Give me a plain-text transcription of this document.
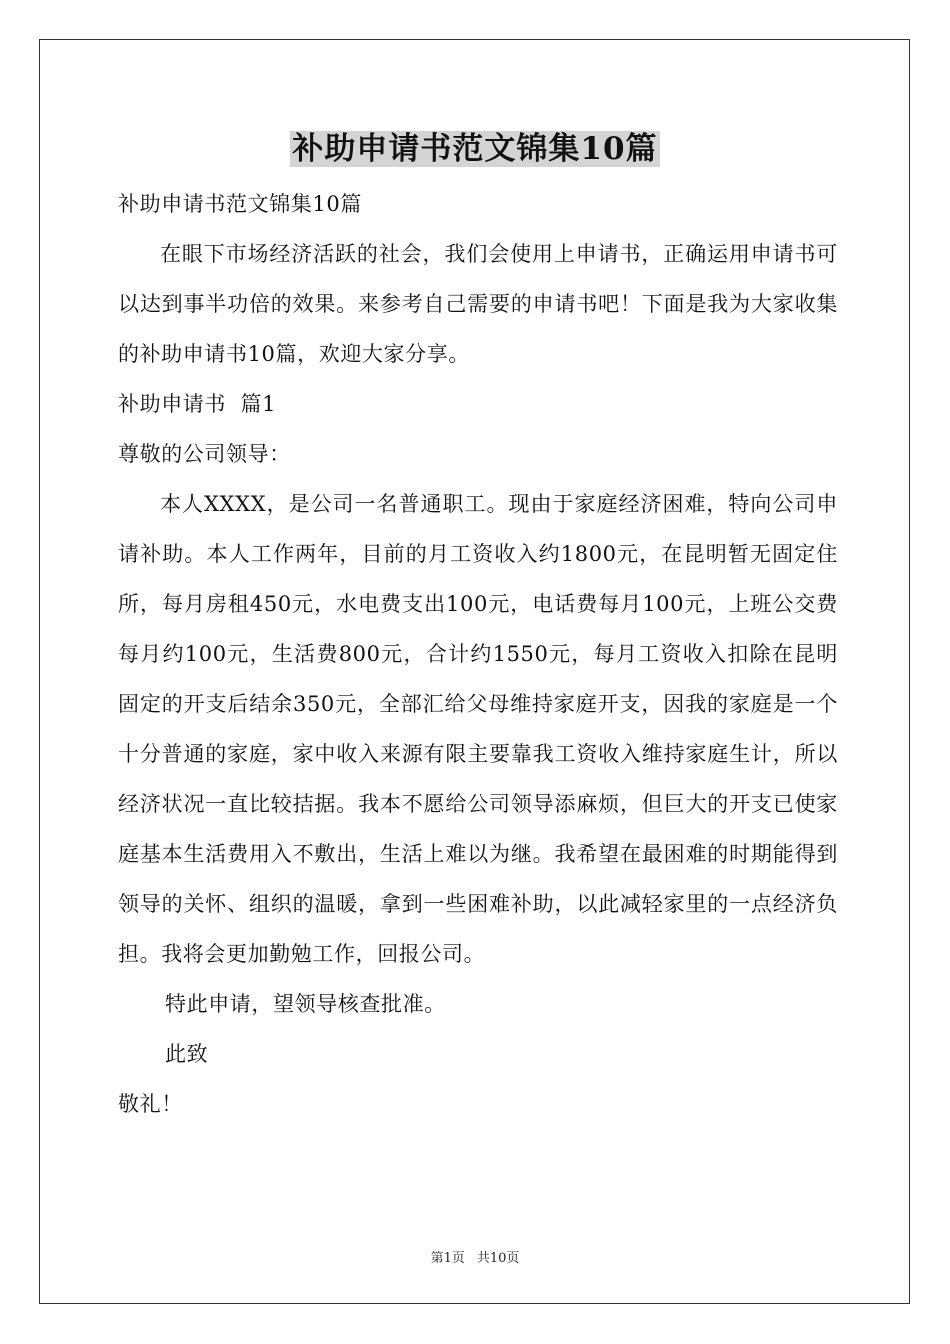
补助申请书范文锦集10篇
补助申请书范文锦集10篇

在眼下市场经济活跃的社会，我们会使用上申请书，正确运用申请书可以达到事半功倍的效果。来参考自己需要的申请书吧！下面是我为大家收集的补助申请书10篇，欢迎大家分享。

补助申请书  篇1
尊敬的公司领导：

本人XXXX，是公司一名普通职工。现由于家庭经济困难，特向公司申请补助。本人工作两年，目前的月工资收入约1800元，在昆明暂无固定住所，每月房租450元，水电费支出100元，电话费每月100元，上班公交费每月约100元，生活费800元，合计约1550元，每月工资收入扣除在昆明固定的开支后结余350元，全部汇给父母维持家庭开支，因我的家庭是一个十分普通的家庭，家中收入来源有限主要靠我工资收入维持家庭生计，所以经济状况一直比较拮据。我本不愿给公司领导添麻烦，但巨大的开支已使家庭基本生活费用入不敷出，生活上难以为继。我希望在最困难的时期能得到领导的关怀、组织的温暖，拿到一些困难补助，以此减轻家里的一点经济负担。我将会更加勤勉工作，回报公司。

特此申请，望领导核查批准。
此致
敬礼！
第1页 共10页
